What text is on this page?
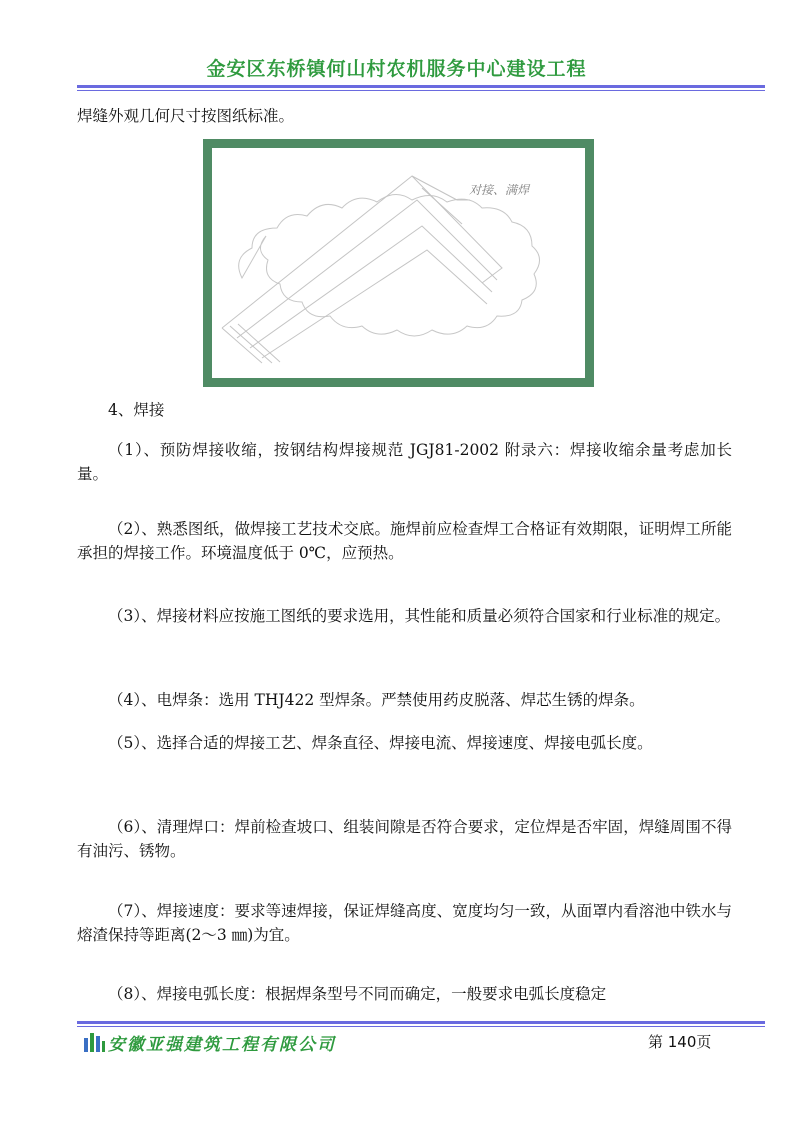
金安区东桥镇何山村农机服务中心建设工程
焊缝外观几何尺寸按图纸标准。
对接、满焊
4、焊接

（1）、预防焊接收缩，按钢结构焊接规范 JGJ81-2002 附录六：焊接收缩余量考虑加长量。

（2）、熟悉图纸，做焊接工艺技术交底。施焊前应检查焊工合格证有效期限，证明焊工所能承担的焊接工作。环境温度低于 0℃，应预热。

（3）、焊接材料应按施工图纸的要求选用，其性能和质量必须符合国家和行业标准的规定。

（4）、电焊条：选用 THJ422 型焊条。严禁使用药皮脱落、焊芯生锈的焊条。

（5）、选择合适的焊接工艺、焊条直径、焊接电流、焊接速度、焊接电弧长度。

（6）、清理焊口：焊前检查坡口、组装间隙是否符合要求，定位焊是否牢固，焊缝周围不得有油污、锈物。

（7）、焊接速度：要求等速焊接，保证焊缝高度、宽度均匀一致，从面罩内看溶池中铁水与熔渣保持等距离(2～3 ㎜)为宜。

（8）、焊接电弧长度：根据焊条型号不同而确定，一般要求电弧长度稳定

安徽亚强建筑工程有限公司	第 140页
